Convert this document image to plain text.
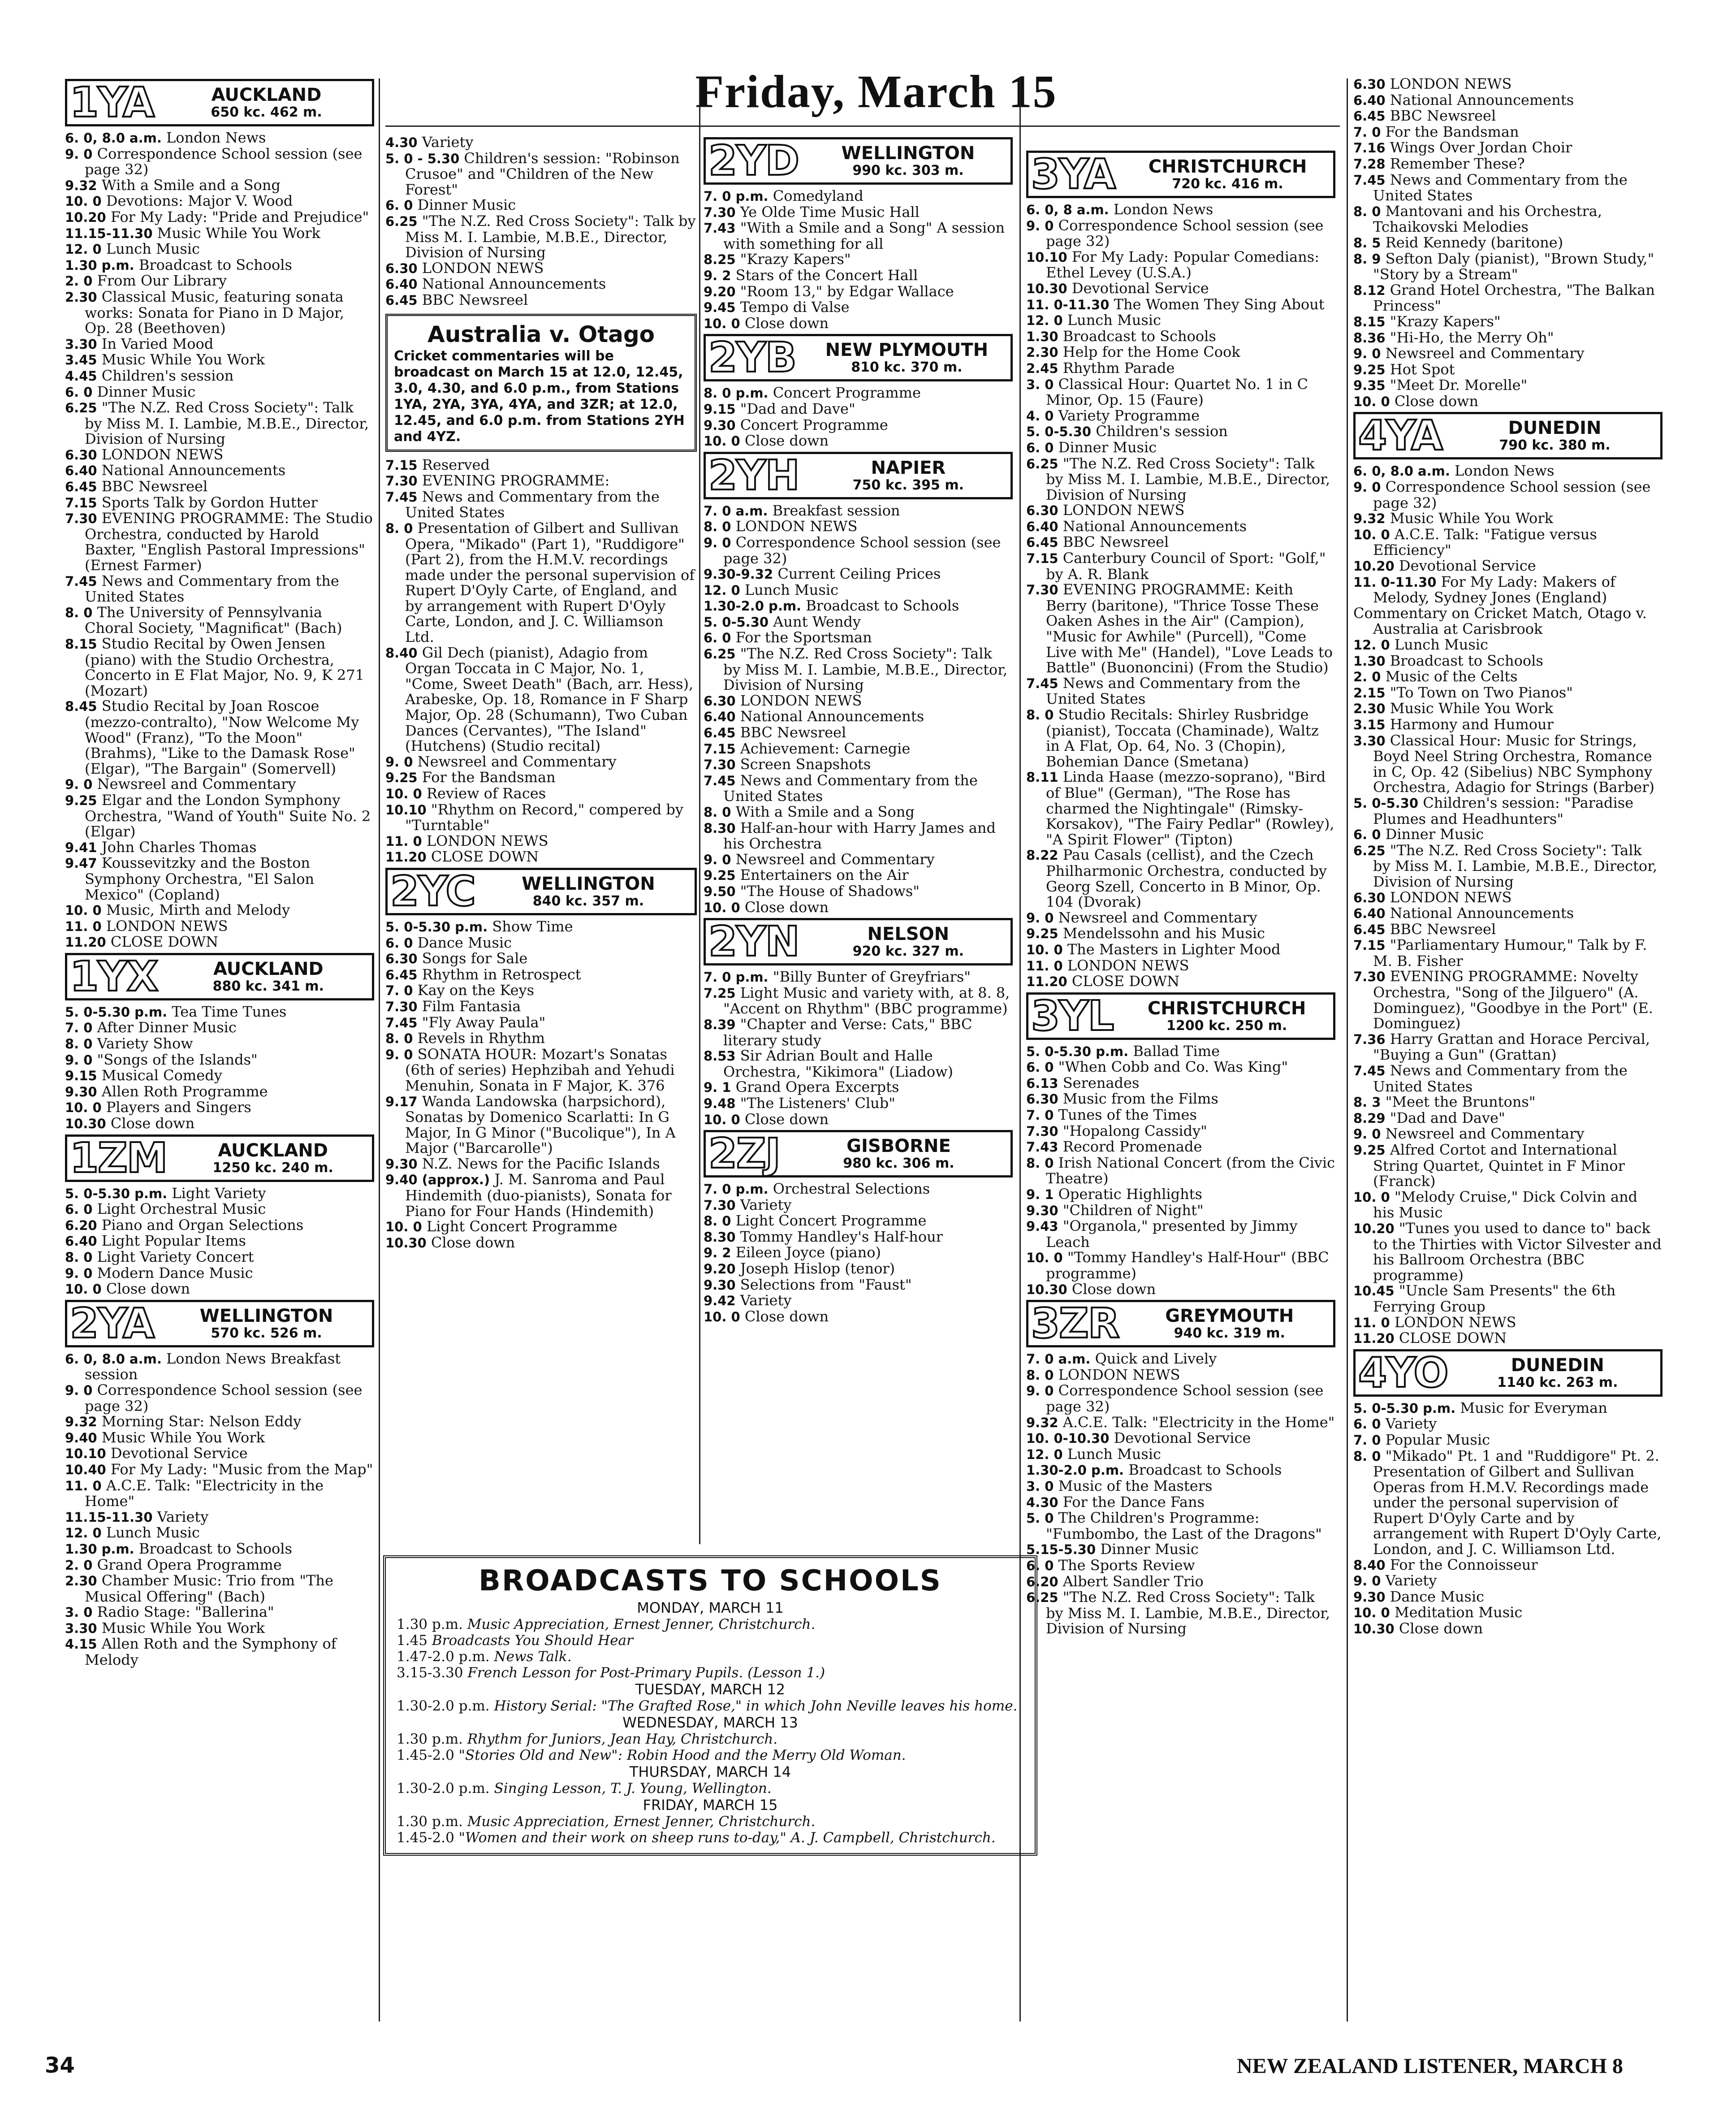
Friday, March 15
1YA	AUCKLAND
650 kc. 462 m.

6. 0, 8.0 a.m. London News

9. 0 Correspondence School session (see page 32)

9.32 With a Smile and a Song

10. 0 Devotions: Major V. Wood

10.20 For My Lady: "Pride and Prejudice"

11.15-11.30 Music While You Work

12. 0 Lunch Music

1.30 p.m. Broadcast to Schools

2. 0 From Our Library

2.30 Classical Music, featuring sonata works: Sonata for Piano in D Major, Op. 28 (Beethoven)

3.30 In Varied Mood

3.45 Music While You Work

4.45 Children's session

6. 0 Dinner Music

6.25 "The N.Z. Red Cross Society": Talk by Miss M. I. Lambie, M.B.E., Director, Division of Nursing

6.30 LONDON NEWS

6.40 National Announcements

6.45 BBC Newsreel

7.15 Sports Talk by Gordon Hutter

7.30 EVENING PROGRAMME: The Studio Orchestra, conducted by Harold Baxter, "English Pastoral Impressions" (Ernest Farmer)

7.45 News and Commentary from the United States

8. 0 The University of Pennsylvania Choral Society, "Magnificat" (Bach)

8.15 Studio Recital by Owen Jensen (piano) with the Studio Orchestra, Concerto in E Flat Major, No. 9, K 271 (Mozart)

8.45 Studio Recital by Joan Roscoe (mezzo-contralto), "Now Welcome My Wood" (Franz), "To the Moon" (Brahms), "Like to the Damask Rose" (Elgar), "The Bargain" (Somervell)

9. 0 Newsreel and Commentary

9.25 Elgar and the London Symphony Orchestra, "Wand of Youth" Suite No. 2 (Elgar)

9.41 John Charles Thomas

9.47 Koussevitzky and the Boston Symphony Orchestra, "El Salon Mexico" (Copland)

10. 0 Music, Mirth and Melody

11. 0 LONDON NEWS

11.20 CLOSE DOWN

1YX	AUCKLAND
880 kc. 341 m.

5. 0-5.30 p.m. Tea Time Tunes

7. 0 After Dinner Music

8. 0 Variety Show

9. 0 "Songs of the Islands"

9.15 Musical Comedy

9.30 Allen Roth Programme

10. 0 Players and Singers

10.30 Close down

1ZM	AUCKLAND
1250 kc. 240 m.

5. 0-5.30 p.m. Light Variety

6. 0 Light Orchestral Music

6.20 Piano and Organ Selections

6.40 Light Popular Items

8. 0 Light Variety Concert

9. 0 Modern Dance Music

10. 0 Close down

2YA	WELLINGTON
570 kc. 526 m.

6. 0, 8.0 a.m. London News Breakfast session

9. 0 Correspondence School session (see page 32)

9.32 Morning Star: Nelson Eddy

9.40 Music While You Work

10.10 Devotional Service

10.40 For My Lady: "Music from the Map"

11. 0 A.C.E. Talk: "Electricity in the Home"

11.15-11.30 Variety

12. 0 Lunch Music

1.30 p.m. Broadcast to Schools

2. 0 Grand Opera Programme

2.30 Chamber Music: Trio from "The Musical Offering" (Bach)

3. 0 Radio Stage: "Ballerina"

3.30 Music While You Work

4.15 Allen Roth and the Symphony of Melody

4.30 Variety

5. 0 - 5.30 Children's session: "Robinson Crusoe" and "Children of the New Forest"

6. 0 Dinner Music

6.25 "The N.Z. Red Cross Society": Talk by Miss M. I. Lambie, M.B.E., Director, Division of Nursing

6.30 LONDON NEWS

6.40 National Announcements

6.45 BBC Newsreel

Australia v. Otago
Cricket commentaries will be broadcast on March 15 at 12.0, 12.45, 3.0, 4.30, and 6.0 p.m., from Stations 1YA, 2YA, 3YA, 4YA, and 3ZR; at 12.0, 12.45, and 6.0 p.m. from Stations 2YH and 4YZ.

7.15 Reserved

7.30 EVENING PROGRAMME:

7.45 News and Commentary from the United States

8. 0 Presentation of Gilbert and Sullivan Opera, "Mikado" (Part 1), "Ruddigore" (Part 2), from the H.M.V. recordings made under the personal supervision of Rupert D'Oyly Carte, of England, and by arrangement with Rupert D'Oyly Carte, London, and J. C. Williamson Ltd.

8.40 Gil Dech (pianist), Adagio from Organ Toccata in C Major, No. 1, "Come, Sweet Death" (Bach, arr. Hess), Arabeske, Op. 18, Romance in F Sharp Major, Op. 28 (Schumann), Two Cuban Dances (Cervantes), "The Island" (Hutchens) (Studio recital)

9. 0 Newsreel and Commentary

9.25 For the Bandsman

10. 0 Review of Races

10.10 "Rhythm on Record," compered by "Turntable"

11. 0 LONDON NEWS

11.20 CLOSE DOWN

2YC	WELLINGTON
840 kc. 357 m.

5. 0-5.30 p.m. Show Time

6. 0 Dance Music

6.30 Songs for Sale

6.45 Rhythm in Retrospect

7. 0 Kay on the Keys

7.30 Film Fantasia

7.45 "Fly Away Paula"

8. 0 Revels in Rhythm

9. 0 SONATA HOUR: Mozart's Sonatas (6th of series) Hephzibah and Yehudi Menuhin, Sonata in F Major, K. 376

9.17 Wanda Landowska (harpsichord), Sonatas by Domenico Scarlatti: In G Major, In G Minor ("Bucolique"), In A Major ("Barcarolle")

9.30 N.Z. News for the Pacific Islands

9.40 (approx.) J. M. Sanroma and Paul Hindemith (duo-pianists), Sonata for Piano for Four Hands (Hindemith)

10. 0 Light Concert Programme

10.30 Close down

2YD	WELLINGTON
990 kc. 303 m.

7. 0 p.m. Comedyland

7.30 Ye Olde Time Music Hall

7.43 "With a Smile and a Song" A session with something for all

8.25 "Krazy Kapers"

9. 2 Stars of the Concert Hall

9.20 "Room 13," by Edgar Wallace

9.45 Tempo di Valse

10. 0 Close down

2YB	NEW PLYMOUTH
810 kc. 370 m.

8. 0 p.m. Concert Programme

9.15 "Dad and Dave"

9.30 Concert Programme

10. 0 Close down

2YH	NAPIER
750 kc. 395 m.

7. 0 a.m. Breakfast session

8. 0 LONDON NEWS

9. 0 Correspondence School session (see page 32)

9.30-9.32 Current Ceiling Prices

12. 0 Lunch Music

1.30-2.0 p.m. Broadcast to Schools

5. 0-5.30 Aunt Wendy

6. 0 For the Sportsman

6.25 "The N.Z. Red Cross Society": Talk by Miss M. I. Lambie, M.B.E., Director, Division of Nursing

6.30 LONDON NEWS

6.40 National Announcements

6.45 BBC Newsreel

7.15 Achievement: Carnegie

7.30 Screen Snapshots

7.45 News and Commentary from the United States

8. 0 With a Smile and a Song

8.30 Half-an-hour with Harry James and his Orchestra

9. 0 Newsreel and Commentary

9.25 Entertainers on the Air

9.50 "The House of Shadows"

10. 0 Close down

2YN	NELSON
920 kc. 327 m.

7. 0 p.m. "Billy Bunter of Greyfriars"

7.25 Light Music and variety with, at 8. 8, "Accent on Rhythm" (BBC programme)

8.39 "Chapter and Verse: Cats," BBC literary study

8.53 Sir Adrian Boult and Halle Orchestra, "Kikimora" (Liadow)

9. 1 Grand Opera Excerpts

9.48 "The Listeners' Club"

10. 0 Close down

2ZJ	GISBORNE
980 kc. 306 m.

7. 0 p.m. Orchestral Selections

7.30 Variety

8. 0 Light Concert Programme

8.30 Tommy Handley's Half-hour

9. 2 Eileen Joyce (piano)

9.20 Joseph Hislop (tenor)

9.30 Selections from "Faust"

9.42 Variety

10. 0 Close down

3YA	CHRISTCHURCH
720 kc. 416 m.

6. 0, 8 a.m. London News

9. 0 Correspondence School session (see page 32)

10.10 For My Lady: Popular Comedians: Ethel Levey (U.S.A.)

10.30 Devotional Service

11. 0-11.30 The Women They Sing About

12. 0 Lunch Music

1.30 Broadcast to Schools

2.30 Help for the Home Cook

2.45 Rhythm Parade

3. 0 Classical Hour: Quartet No. 1 in C Minor, Op. 15 (Faure)

4. 0 Variety Programme

5. 0-5.30 Children's session

6. 0 Dinner Music

6.25 "The N.Z. Red Cross Society": Talk by Miss M. I. Lambie, M.B.E., Director, Division of Nursing

6.30 LONDON NEWS

6.40 National Announcements

6.45 BBC Newsreel

7.15 Canterbury Council of Sport: "Golf," by A. R. Blank

7.30 EVENING PROGRAMME: Keith Berry (baritone), "Thrice Tosse These Oaken Ashes in the Air" (Campion), "Music for Awhile" (Purcell), "Come Live with Me" (Handel), "Love Leads to Battle" (Buononcini) (From the Studio)

7.45 News and Commentary from the United States

8. 0 Studio Recitals: Shirley Rusbridge (pianist), Toccata (Chaminade), Waltz in A Flat, Op. 64, No. 3 (Chopin), Bohemian Dance (Smetana)

8.11 Linda Haase (mezzo-soprano), "Bird of Blue" (German), "The Rose has charmed the Nightingale" (Rimsky-Korsakov), "The Fairy Pedlar" (Rowley), "A Spirit Flower" (Tipton)

8.22 Pau Casals (cellist), and the Czech Philharmonic Orchestra, conducted by Georg Szell, Concerto in B Minor, Op. 104 (Dvorak)

9. 0 Newsreel and Commentary

9.25 Mendelssohn and his Music

10. 0 The Masters in Lighter Mood

11. 0 LONDON NEWS

11.20 CLOSE DOWN

3YL	CHRISTCHURCH
1200 kc. 250 m.

5. 0-5.30 p.m. Ballad Time

6. 0 "When Cobb and Co. Was King"

6.13 Serenades

6.30 Music from the Films

7. 0 Tunes of the Times

7.30 "Hopalong Cassidy"

7.43 Record Promenade

8. 0 Irish National Concert (from the Civic Theatre)

9. 1 Operatic Highlights

9.30 "Children of Night"

9.43 "Organola," presented by Jimmy Leach

10. 0 "Tommy Handley's Half-Hour" (BBC programme)

10.30 Close down

3ZR	GREYMOUTH
940 kc. 319 m.

7. 0 a.m. Quick and Lively

8. 0 LONDON NEWS

9. 0 Correspondence School session (see page 32)

9.32 A.C.E. Talk: "Electricity in the Home"

10. 0-10.30 Devotional Service

12. 0 Lunch Music

1.30-2.0 p.m. Broadcast to Schools

3. 0 Music of the Masters

4.30 For the Dance Fans

5. 0 The Children's Programme: "Fumbombo, the Last of the Dragons"

5.15-5.30 Dinner Music

6. 0 The Sports Review

6.20 Albert Sandler Trio

6.25 "The N.Z. Red Cross Society": Talk by Miss M. I. Lambie, M.B.E., Director, Division of Nursing

6.30 LONDON NEWS

6.40 National Announcements

6.45 BBC Newsreel

7. 0 For the Bandsman

7.16 Wings Over Jordan Choir

7.28 Remember These?

7.45 News and Commentary from the United States

8. 0 Mantovani and his Orchestra, Tchaikovski Melodies

8. 5 Reid Kennedy (baritone)

8. 9 Sefton Daly (pianist), "Brown Study," "Story by a Stream"

8.12 Grand Hotel Orchestra, "The Balkan Princess"

8.15 "Krazy Kapers"

8.36 "Hi-Ho, the Merry Oh"

9. 0 Newsreel and Commentary

9.25 Hot Spot

9.35 "Meet Dr. Morelle"

10. 0 Close down

4YA	DUNEDIN
790 kc. 380 m.

6. 0, 8.0 a.m. London News

9. 0 Correspondence School session (see page 32)

9.32 Music While You Work

10. 0 A.C.E. Talk: "Fatigue versus Efficiency"

10.20 Devotional Service

11. 0-11.30 For My Lady: Makers of Melody, Sydney Jones (England)

Commentary on Cricket Match, Otago v. Australia at Carisbrook

12. 0 Lunch Music

1.30 Broadcast to Schools

2. 0 Music of the Celts

2.15 "To Town on Two Pianos"

2.30 Music While You Work

3.15 Harmony and Humour

3.30 Classical Hour: Music for Strings, Boyd Neel String Orchestra, Romance in C, Op. 42 (Sibelius) NBC Symphony Orchestra, Adagio for Strings (Barber)

5. 0-5.30 Children's session: "Paradise Plumes and Headhunters"

6. 0 Dinner Music

6.25 "The N.Z. Red Cross Society": Talk by Miss M. I. Lambie, M.B.E., Director, Division of Nursing

6.30 LONDON NEWS

6.40 National Announcements

6.45 BBC Newsreel

7.15 "Parliamentary Humour," Talk by F. M. B. Fisher

7.30 EVENING PROGRAMME: Novelty Orchestra, "Song of the Jilguero" (A. Dominguez), "Goodbye in the Port" (E. Dominguez)

7.36 Harry Grattan and Horace Percival, "Buying a Gun" (Grattan)

7.45 News and Commentary from the United States

8. 3 "Meet the Bruntons"

8.29 "Dad and Dave"

9. 0 Newsreel and Commentary

9.25 Alfred Cortot and International String Quartet, Quintet in F Minor (Franck)

10. 0 "Melody Cruise," Dick Colvin and his Music

10.20 "Tunes you used to dance to" back to the Thirties with Victor Silvester and his Ballroom Orchestra (BBC programme)

10.45 "Uncle Sam Presents" the 6th Ferrying Group

11. 0 LONDON NEWS

11.20 CLOSE DOWN

4YO	DUNEDIN
1140 kc. 263 m.

5. 0-5.30 p.m. Music for Everyman

6. 0 Variety

7. 0 Popular Music

8. 0 "Mikado" Pt. 1 and "Ruddigore" Pt. 2. Presentation of Gilbert and Sullivan Operas from H.M.V. Recordings made under the personal supervision of Rupert D'Oyly Carte and by arrangement with Rupert D'Oyly Carte, London, and J. C. Williamson Ltd.

8.40 For the Connoisseur

9. 0 Variety

9.30 Dance Music

10. 0 Meditation Music

10.30 Close down

BROADCASTS TO SCHOOLS
MONDAY, MARCH 11
1.30 p.m. Music Appreciation, Ernest Jenner, Christchurch.
1.45 Broadcasts You Should Hear
1.47-2.0 p.m. News Talk.
3.15-3.30 French Lesson for Post-Primary Pupils. (Lesson 1.)
TUESDAY, MARCH 12
1.30-2.0 p.m. History Serial: "The Grafted Rose," in which John Neville leaves his home.
WEDNESDAY, MARCH 13
1.30 p.m. Rhythm for Juniors, Jean Hay, Christchurch.
1.45-2.0 "Stories Old and New": Robin Hood and the Merry Old Woman.
THURSDAY, MARCH 14
1.30-2.0 p.m. Singing Lesson, T. J. Young, Wellington.
FRIDAY, MARCH 15
1.30 p.m. Music Appreciation, Ernest Jenner, Christchurch.
1.45-2.0 "Women and their work on sheep runs to-day," A. J. Campbell, Christchurch.
34	NEW ZEALAND LISTENER, MARCH 8
